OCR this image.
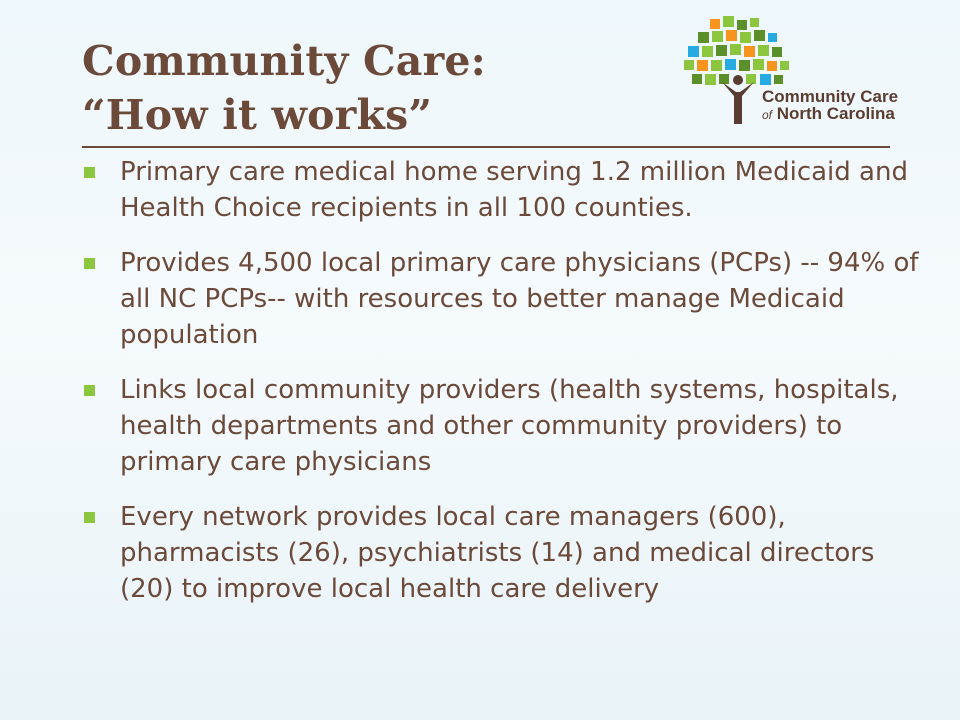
Community Care:
“How it works”	Community Care
of North Carolina
Primary care medical home serving 1.2 million Medicaid and Health Choice recipients in all 100 counties.
Provides 4,500 local primary care physicians (PCPs) -- 94% of all NC PCPs-- with resources to better manage Medicaid population
Links local community providers (health systems, hospitals, health departments and other community providers) to primary care physicians
Every network provides local care managers (600), pharmacists (26), psychiatrists (14) and medical directors (20) to improve local health care delivery
